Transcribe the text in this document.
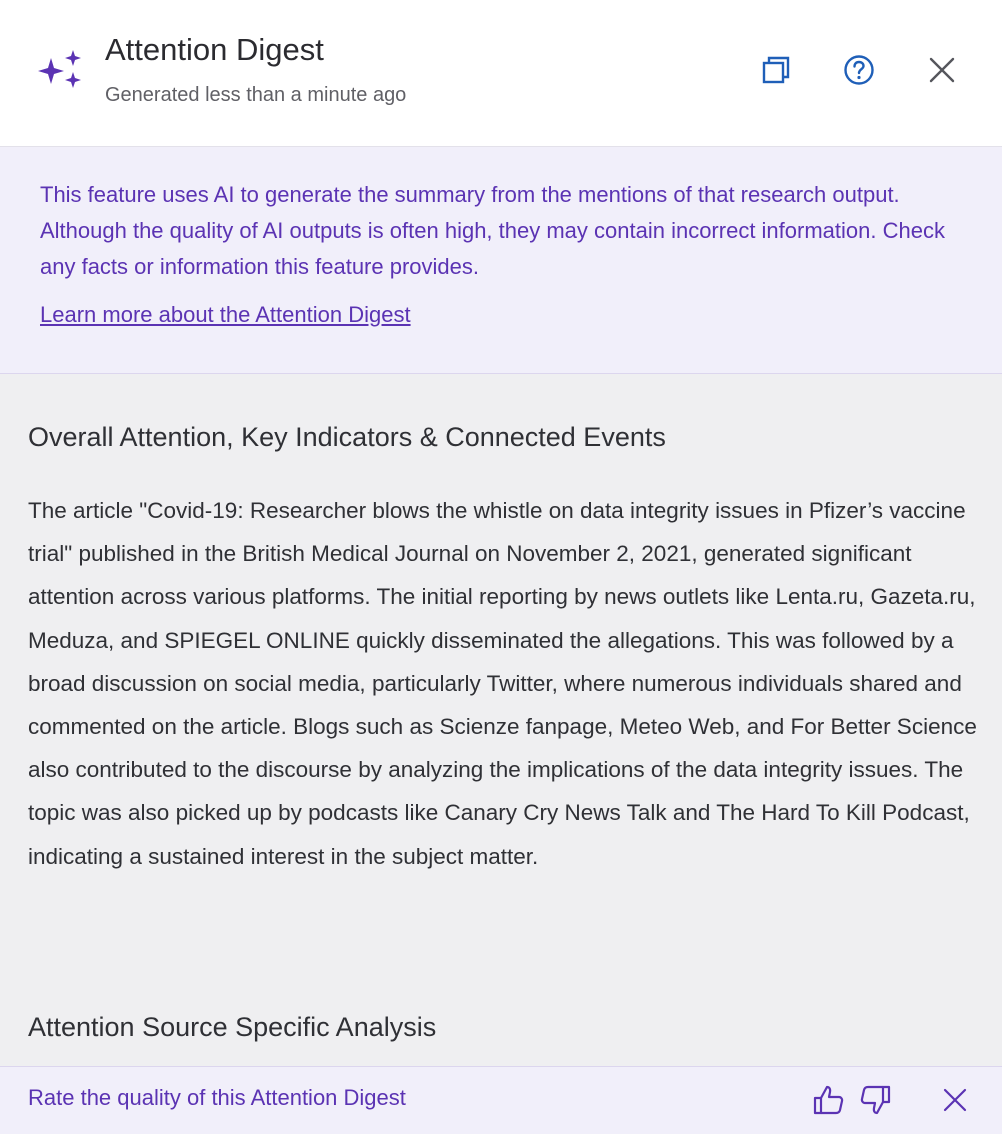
Attention Digest
Generated less than a minute ago
This feature uses AI to generate the summary from the mentions of that research output. Although the quality of AI outputs is often high, they may contain incorrect information. Check any facts or information this feature provides.
Learn more about the Attention Digest
Overall Attention, Key Indicators & Connected Events
The article "Covid-19: Researcher blows the whistle on data integrity issues in Pfizer’s vaccine trial" published in the British Medical Journal on November 2, 2021, generated significant attention across various platforms. The initial reporting by news outlets like Lenta.ru, Gazeta.ru, Meduza, and SPIEGEL ONLINE quickly disseminated the allegations. This was followed by a broad discussion on social media, particularly Twitter, where numerous individuals shared and commented on the article. Blogs such as Scienze fanpage, Meteo Web, and For Better Science also contributed to the discourse by analyzing the implications of the data integrity issues. The topic was also picked up by podcasts like Canary Cry News Talk and The Hard To Kill Podcast, indicating a sustained interest in the subject matter.
Attention Source Specific Analysis
Rate the quality of this Attention Digest
